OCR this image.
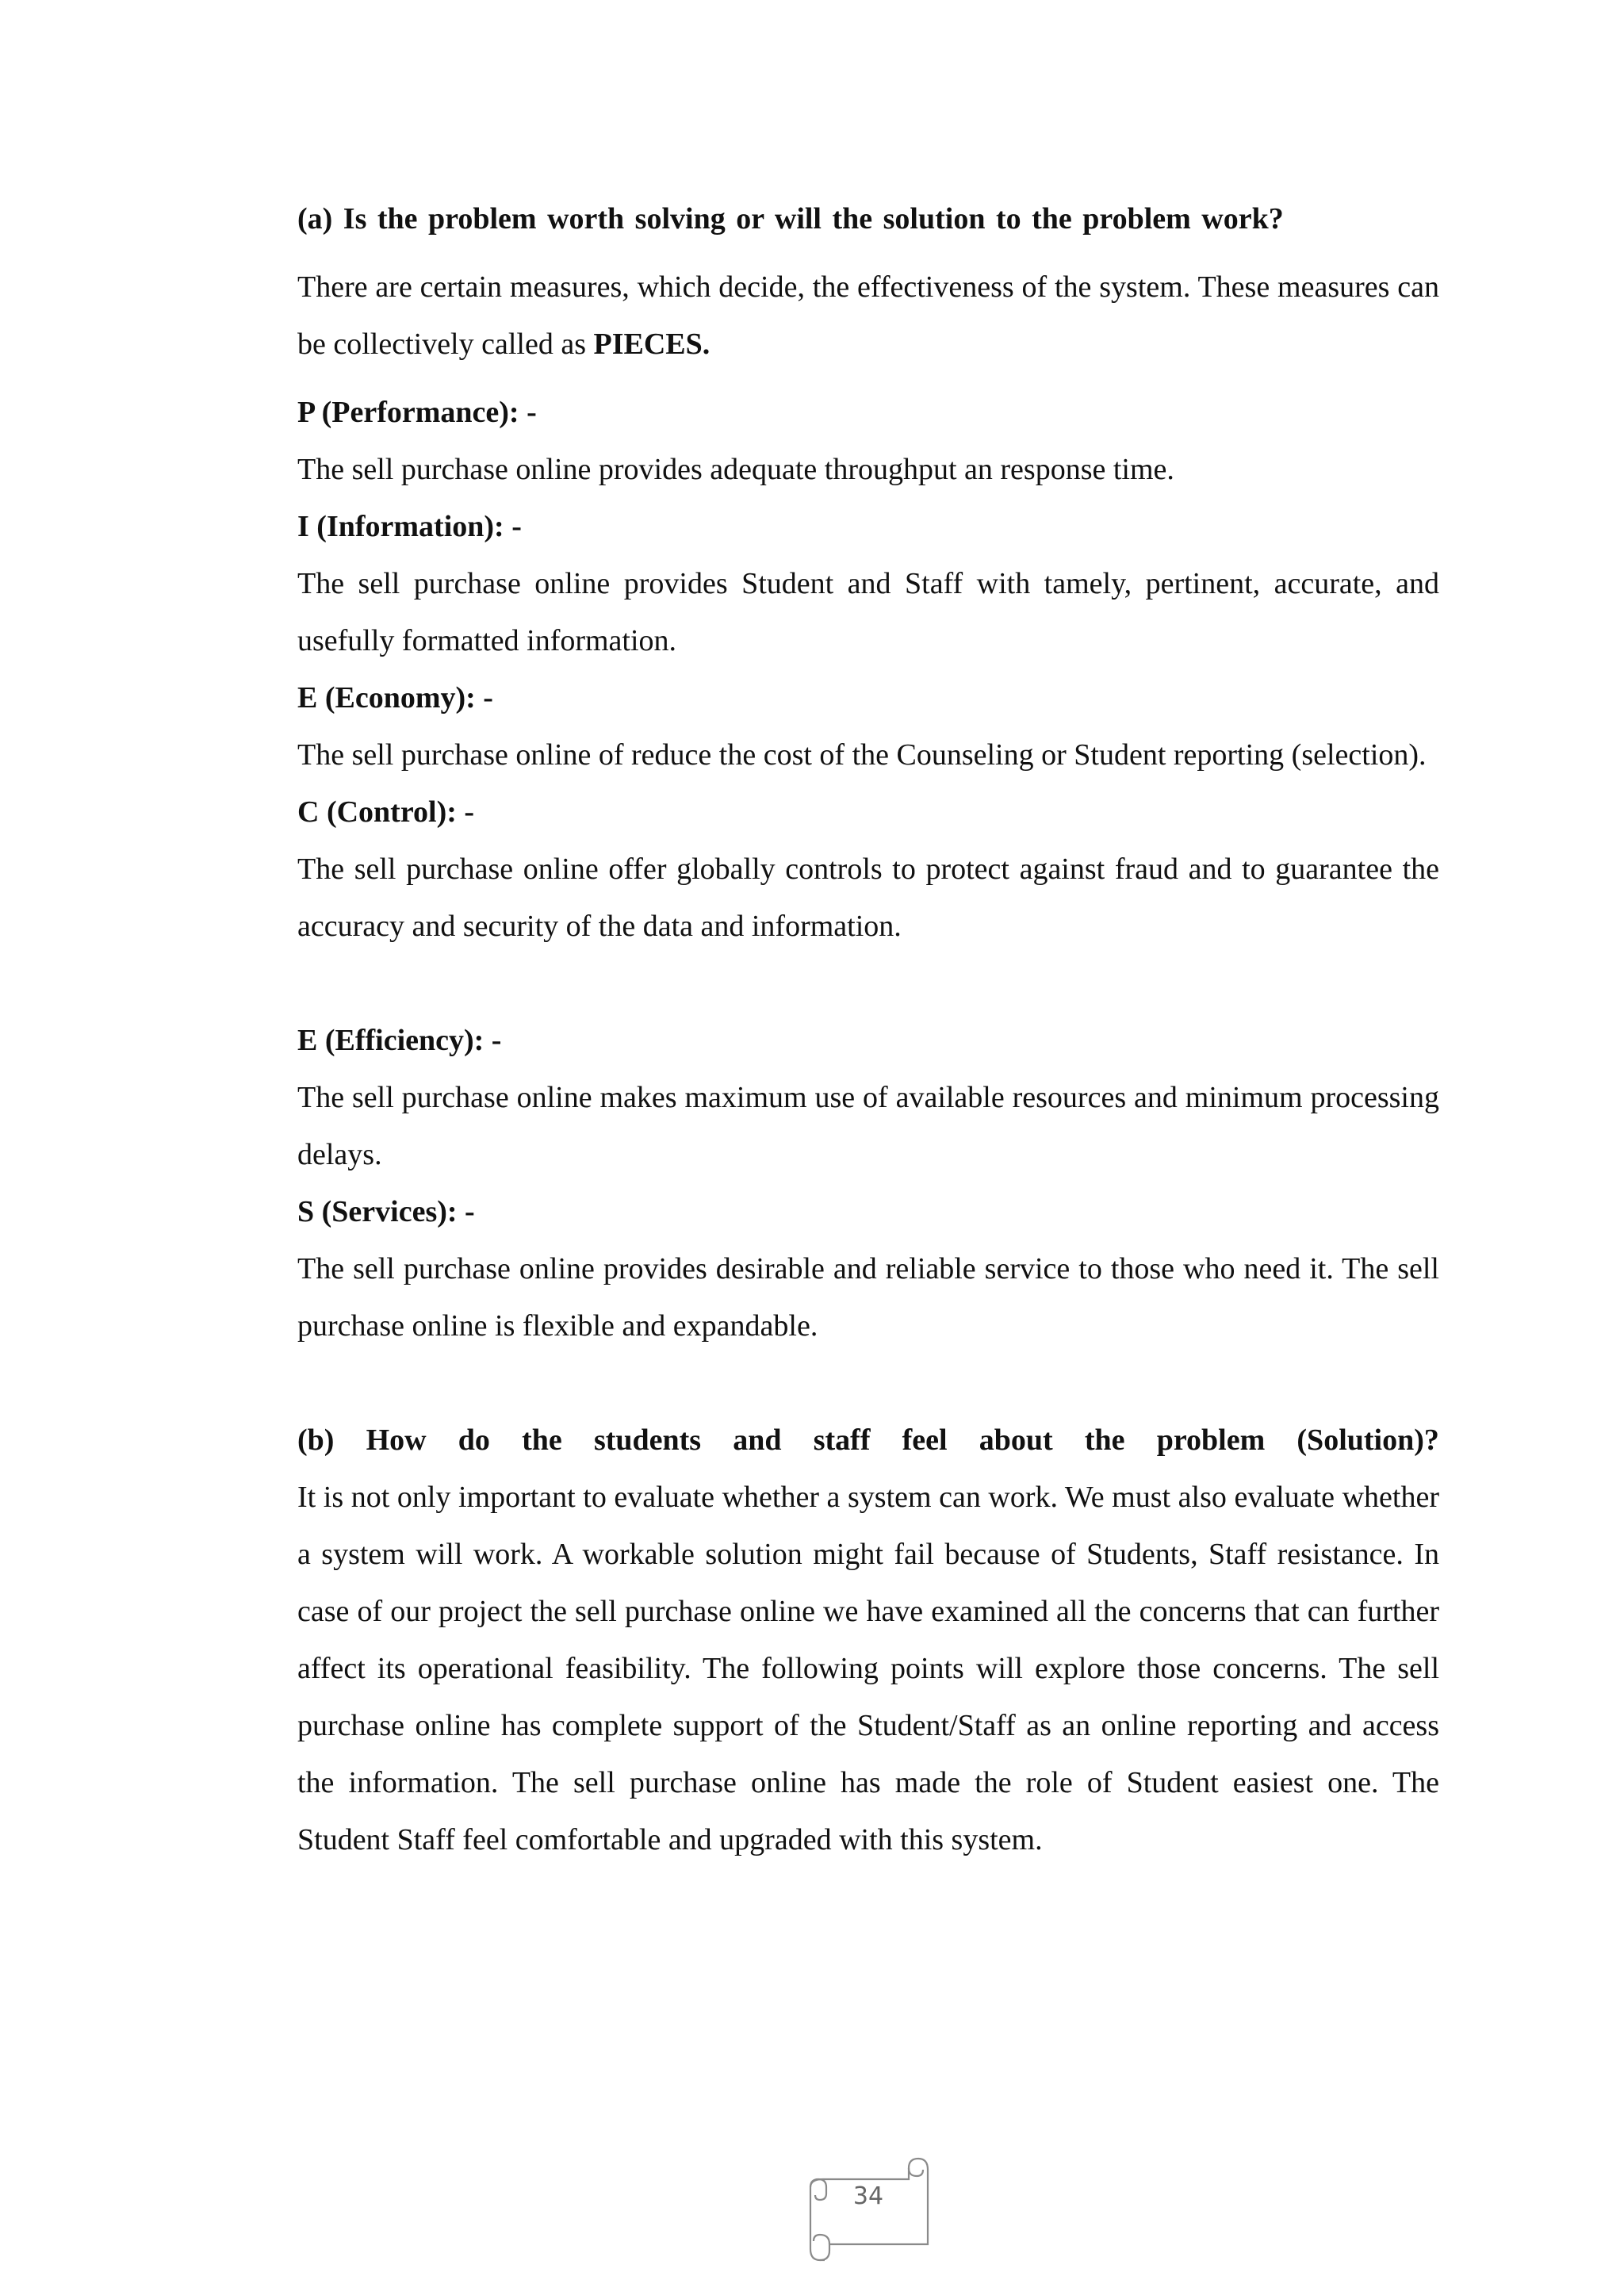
(a) Is the problem worth solving or will the solution to the problem work?

There are certain measures, which decide, the effectiveness of the system. These measures can be collectively called as PIECES.

P (Performance): -

The sell purchase online provides adequate throughput an response time.

I (Information): -

The sell purchase online provides Student and Staff with tamely, pertinent, accurate, and usefully formatted information.

E (Economy): -

The sell purchase online of reduce the cost of the Counseling or Student reporting (selection).

C (Control): -

The sell purchase online offer globally controls to protect against fraud and to guarantee the accuracy and security of the data and information.

E (Efficiency): -

The sell purchase online makes maximum use of available resources and minimum processing delays.

S (Services): -

The sell purchase online provides desirable and reliable service to those who need it. The sell purchase online is flexible and expandable.

(b) How do the students and staff feel about the problem (Solution)?

It is not only important to evaluate whether a system can work. We must also evaluate whether a system will work. A workable solution might fail because of Students, Staff resistance. In case of our project the sell purchase online we have examined all the concerns that can further affect its operational feasibility. The following points will explore those concerns. The sell purchase online has complete support of the Student/Staff as an online reporting and access the information. The sell purchase online has made the role of Student easiest one. The Student Staff feel comfortable and upgraded with this system.

34
